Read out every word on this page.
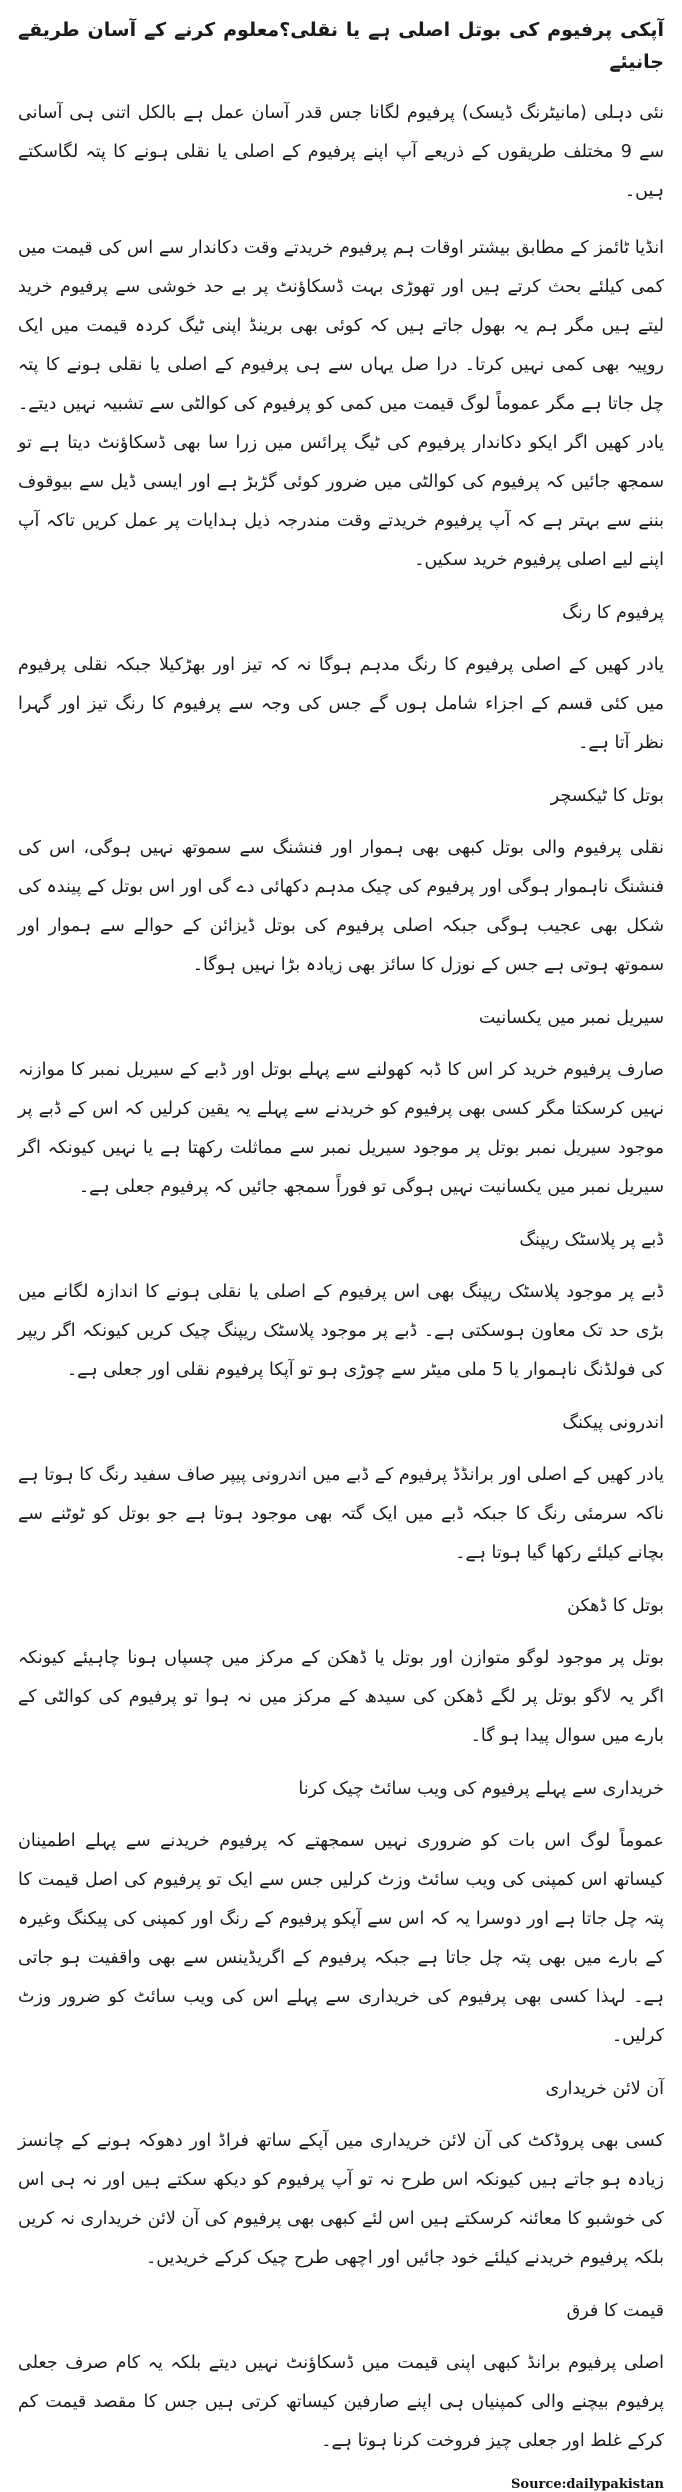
آپکی پرفیوم کی بوتل اصلی ہے یا نقلی؟معلوم کرنے کے آسان طریقے جانیئے

نئی دہلی (مانیٹرنگ ڈیسک) پرفیوم لگانا جس قدر آسان عمل ہے بالکل اتنی ہی آسانی سے 9 مختلف طریقوں کے ذریعے آپ اپنے پرفیوم کے اصلی یا نقلی ہونے کا پتہ لگاسکتے ہیں۔

انڈیا ٹائمز کے مطابق بیشتر اوقات ہم پرفیوم خریدتے وقت دکاندار سے اس کی قیمت میں کمی کیلئے بحث کرتے ہیں اور تھوڑی بہت ڈسکاؤنٹ پر بے حد خوشی سے پرفیوم خرید لیتے ہیں مگر ہم یہ بھول جاتے ہیں کہ کوئی بھی برینڈ اپنی ٹیگ کردہ قیمت میں ایک روپیہ بھی کمی نہیں کرتا۔ درا صل یہاں سے ہی پرفیوم کے اصلی یا نقلی ہونے کا پتہ چل جاتا ہے مگر عموماً لوگ قیمت میں کمی کو پرفیوم کی کوالٹی سے تشبیہ نہیں دیتے۔ یادر کھیں اگر ایکو دکاندار پرفیوم کی ٹیگ پرائس میں زرا سا بھی ڈسکاؤنٹ دیتا ہے تو سمجھ جائیں کہ پرفیوم کی کوالٹی میں ضرور کوئی گڑبڑ ہے اور ایسی ڈیل سے بیوقوف بننے سے بہتر ہے کہ آپ پرفیوم خریدتے وقت مندرجہ ذیل ہدایات پر عمل کریں تاکہ آپ اپنے لیے اصلی پرفیوم خرید سکیں۔

پرفیوم کا رنگ

یادر کھیں کے اصلی پرفیوم کا رنگ مدہم ہوگا نہ کہ تیز اور بھڑکیلا جبکہ نقلی پرفیوم میں کئی قسم کے اجزاء شامل ہوں گے جس کی وجہ سے پرفیوم کا رنگ تیز اور گہرا نظر آتا ہے۔

بوتل کا ٹیکسچر

نقلی پرفیوم والی بوتل کبھی بھی ہموار اور فنشنگ سے سموتھ نہیں ہوگی، اس کی فنشنگ ناہموار ہوگی اور پرفیوم کی چیک مدہم دکھائی دے گی اور اس بوتل کے پیندہ کی شکل بھی عجیب ہوگی جبکہ اصلی پرفیوم کی بوتل ڈیزائن کے حوالے سے ہموار اور سموتھ ہوتی ہے جس کے نوزل کا سائز بھی زیادہ بڑا نہیں ہوگا۔

سیریل نمبر میں یکسانیت

صارف پرفیوم خرید کر اس کا ڈبہ کھولنے سے پہلے بوتل اور ڈبے کے سیریل نمبر کا موازنہ نہیں کرسکتا مگر کسی بھی پرفیوم کو خریدنے سے پہلے یہ یقین کرلیں کہ اس کے ڈبے پر موجود سیریل نمبر بوتل پر موجود سیریل نمبر سے مماثلت رکھتا ہے یا نہیں کیونکہ اگر سیریل نمبر میں یکسانیت نہیں ہوگی تو فوراً سمجھ جائیں کہ پرفیوم جعلی ہے۔

ڈبے پر پلاسٹک ریپنگ

ڈبے پر موجود پلاسٹک ریپنگ بھی اس پرفیوم کے اصلی یا نقلی ہونے کا اندازہ لگانے میں بڑی حد تک معاون ہوسکتی ہے۔ ڈبے پر موجود پلاسٹک ریپنگ چیک کریں کیونکہ اگر ریپر کی فولڈنگ ناہموار یا 5 ملی میٹر سے چوڑی ہو تو آپکا پرفیوم نقلی اور جعلی ہے۔

اندرونی پیکنگ

یادر کھیں کے اصلی اور برانڈڈ پرفیوم کے ڈبے میں اندرونی پیپر صاف سفید رنگ کا ہوتا ہے ناکہ سرمئی رنگ کا جبکہ ڈبے میں ایک گتہ بھی موجود ہوتا ہے جو بوتل کو ٹوٹنے سے بچانے کیلئے رکھا گیا ہوتا ہے۔

بوتل کا ڈھکن

بوتل پر موجود لوگو متوازن اور بوتل یا ڈھکن کے مرکز میں چسپاں ہونا چاہیئے کیونکہ اگر یہ لاگو بوتل پر لگے ڈھکن کی سیدھ کے مرکز میں نہ ہوا تو پرفیوم کی کوالٹی کے بارے میں سوال پیدا ہو گا۔

خریداری سے پہلے پرفیوم کی ویب سائٹ چیک کرنا

عموماً لوگ اس بات کو ضروری نہیں سمجھتے کہ پرفیوم خریدنے سے پہلے اطمینان کیساتھ اس کمپنی کی ویب سائٹ وزٹ کرلیں جس سے ایک تو پرفیوم کی اصل قیمت کا پتہ چل جاتا ہے اور دوسرا یہ کہ اس سے آپکو پرفیوم کے رنگ اور کمپنی کی پیکنگ وغیرہ کے بارے میں بھی پتہ چل جاتا ہے جبکہ پرفیوم کے اگریڈینس سے بھی واقفیت ہو جاتی ہے۔ لہذا کسی بھی پرفیوم کی خریداری سے پہلے اس کی ویب سائٹ کو ضرور وزٹ کرلیں۔

آن لائن خریداری

کسی بھی پروڈکٹ کی آن لائن خریداری میں آپکے ساتھ فراڈ اور دھوکہ ہونے کے چانسز زیادہ ہو جاتے ہیں کیونکہ اس طرح نہ تو آپ پرفیوم کو دیکھ سکتے ہیں اور نہ ہی اس کی خوشبو کا معائنہ کرسکتے ہیں اس لئے کبھی بھی پرفیوم کی آن لائن خریداری نہ کریں بلکہ پرفیوم خریدنے کیلئے خود جائیں اور اچھی طرح چیک کرکے خریدیں۔

قیمت کا فرق

اصلی پرفیوم برانڈ کبھی اپنی قیمت میں ڈسکاؤنٹ نہیں دیتے بلکہ یہ کام صرف جعلی پرفیوم بیچنے والی کمپنیاں ہی اپنے صارفین کیساتھ کرتی ہیں جس کا مقصد قیمت کم کرکے غلط اور جعلی چیز فروخت کرنا ہوتا ہے۔

Source:dailypakistan
